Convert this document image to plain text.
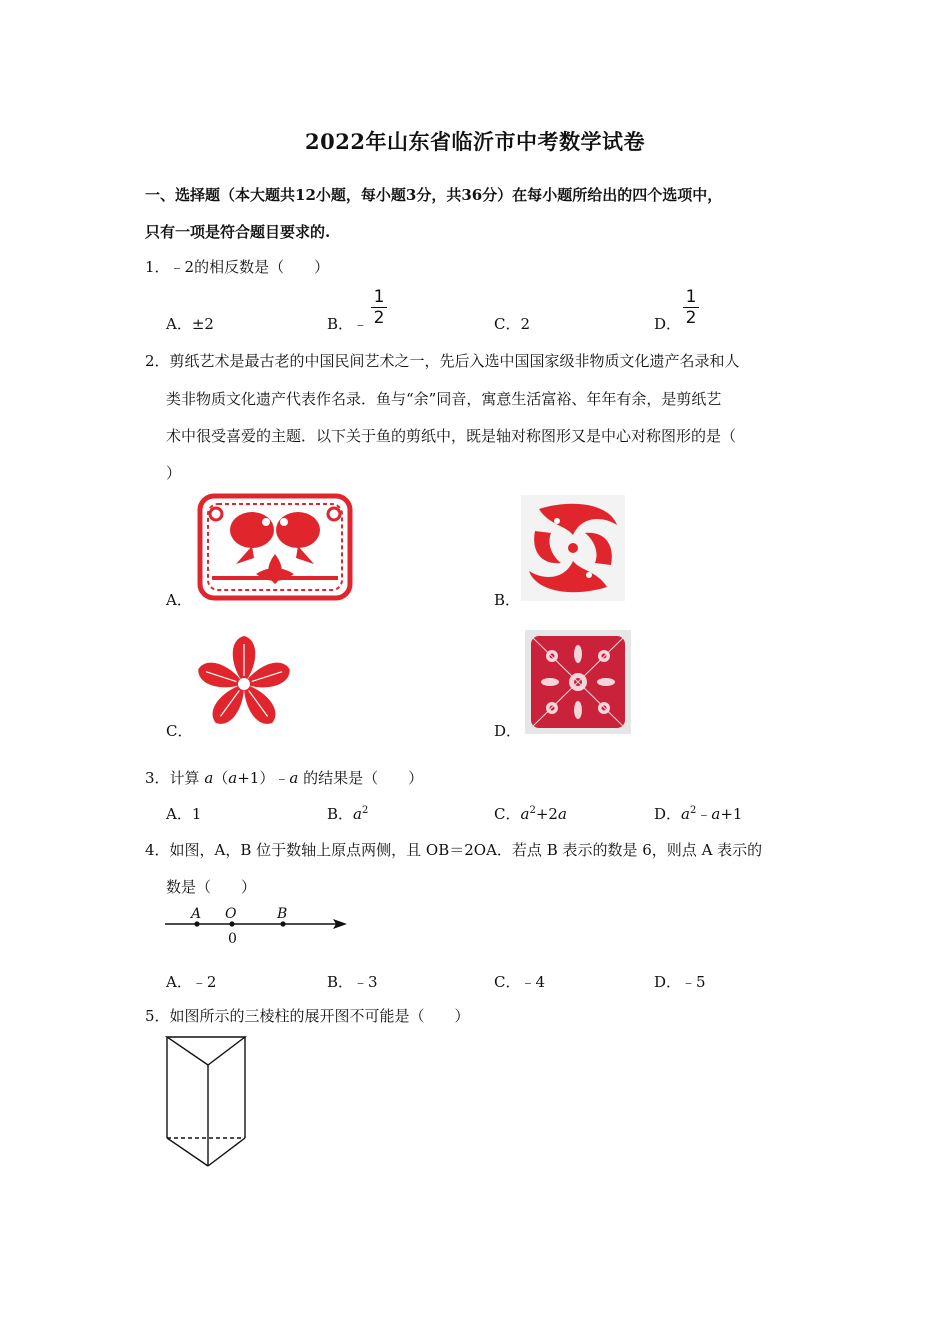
2022年山东省临沂市中考数学试卷
一、选择题（本大题共12小题，每小题3分，共36分）在每小题所给出的四个选项中，
只有一项是符合题目要求的.
1．﹣2的相反数是（　　）
A．±2	B．﹣
1
2	C．2	D．
1
2
2．剪纸艺术是最古老的中国民间艺术之一，先后入选中国国家级非物质文化遗产名录和人
类非物质文化遗产代表作名录．鱼与“余”同音，寓意生活富裕、年年有余，是剪纸艺
术中很受喜爱的主题．以下关于鱼的剪纸中，既是轴对称图形又是中心对称图形的是（
）
A．	B．
C．	D．
3．计算 a（a+1）﹣a 的结果是（　　）
A．1	B．$a^2$	C．$a^2+2a$	D．$a^2﹣a+1$
4．如图，A，B 位于数轴上原点两侧，且 OB＝2OA．若点 B 表示的数是 6，则点 A 表示的
数是（　　）
A O	B
0
A．﹣2	B．﹣3	C．﹣4	D．﹣5
5．如图所示的三棱柱的展开图不可能是（　　）
